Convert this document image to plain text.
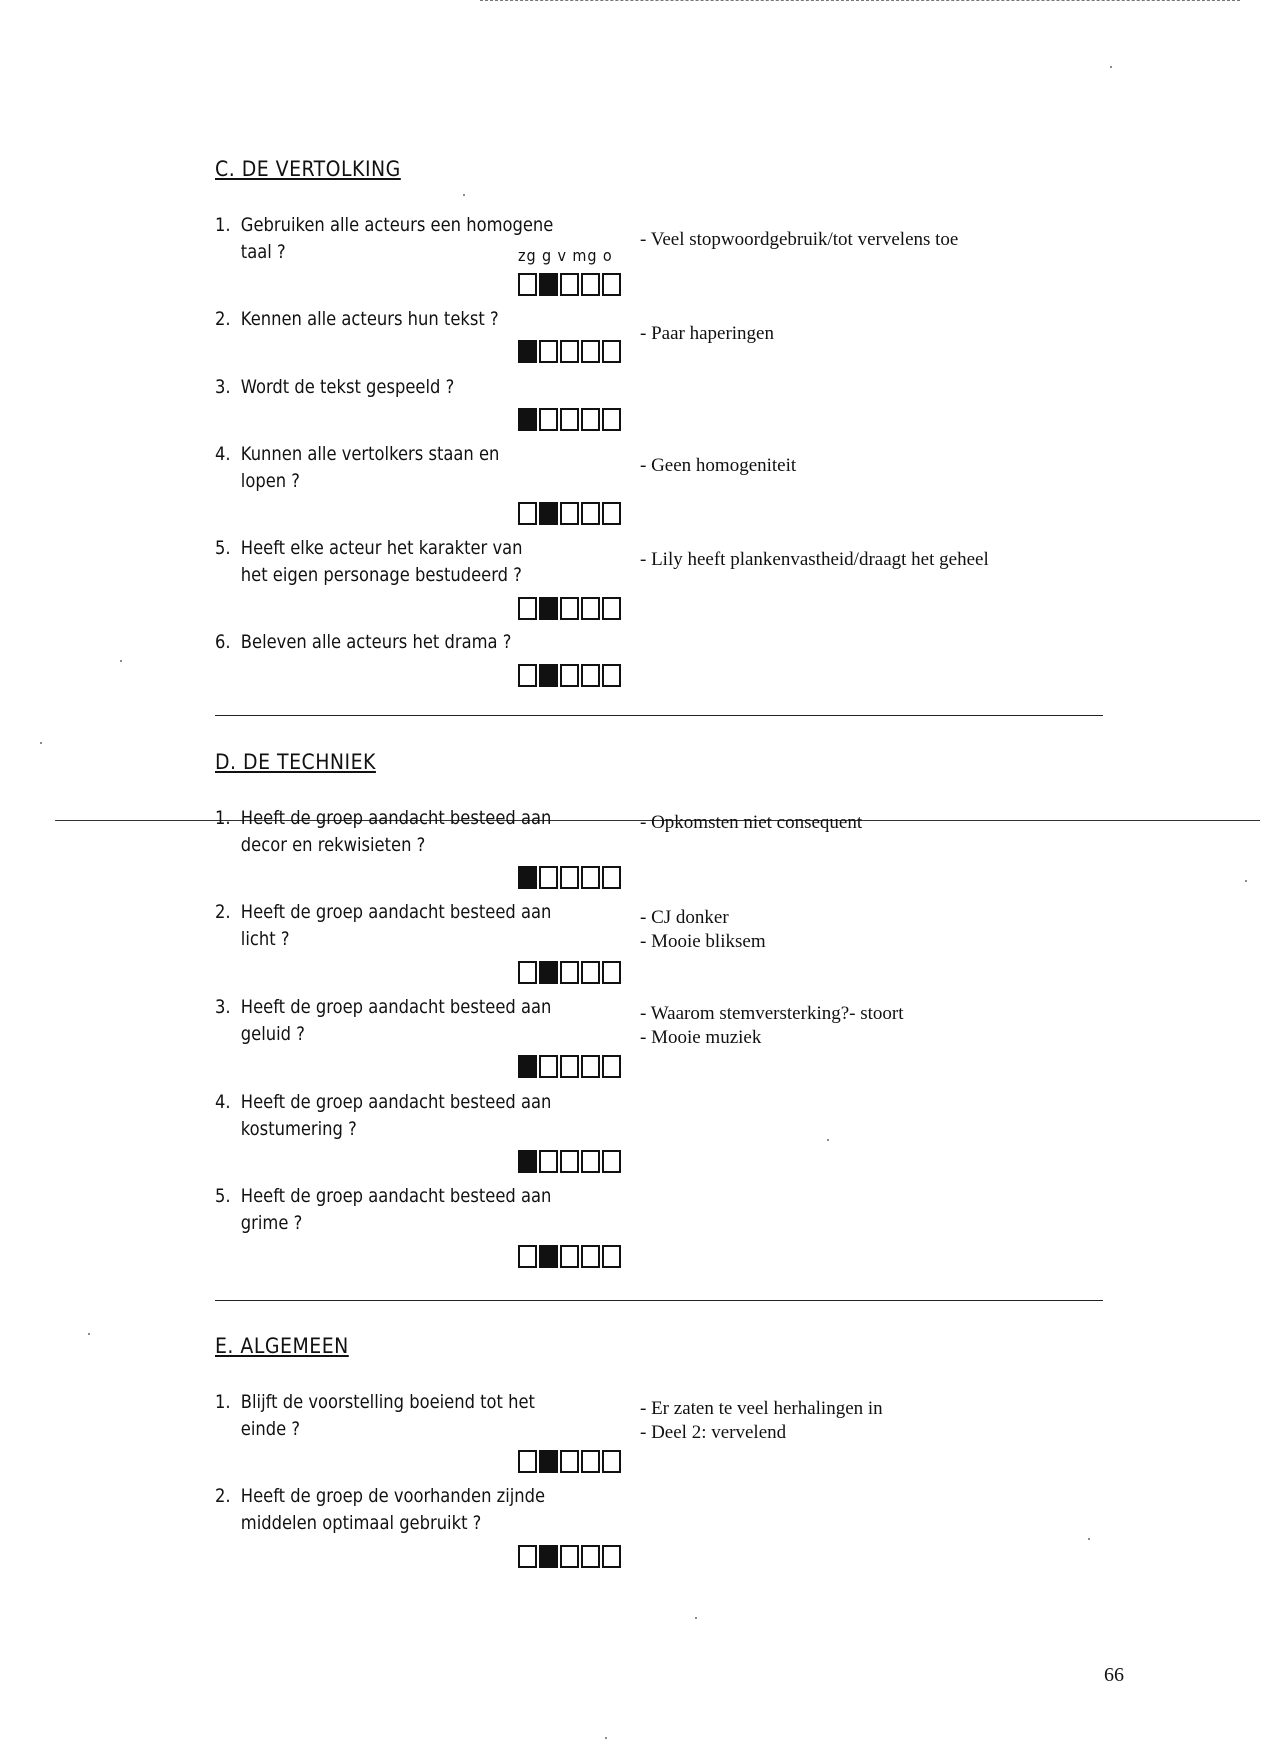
C. DE VERTOLKING
zg g v mg o
1. Gebruiken alle acteurs een homogene
taal ?
- Veel stopwoordgebruik/tot vervelens toe
2. Kennen alle acteurs hun tekst ?
- Paar haperingen
3. Wordt de tekst gespeeld ?
4. Kunnen alle vertolkers staan en
lopen ?
- Geen homogeniteit
5. Heeft elke acteur het karakter van
het eigen personage bestudeerd ?
- Lily heeft plankenvastheid/draagt het geheel
6. Beleven alle acteurs het drama ?
D. DE TECHNIEK
1. Heeft de groep aandacht besteed aan
decor en rekwisieten ?
- Opkomsten niet consequent
2. Heeft de groep aandacht besteed aan
licht ?
- CJ donker
- Mooie bliksem
3. Heeft de groep aandacht besteed aan
geluid ?
- Waarom stemversterking?- stoort
- Mooie muziek
4. Heeft de groep aandacht besteed aan
kostumering ?
5. Heeft de groep aandacht besteed aan
grime ?
E. ALGEMEEN
1. Blijft de voorstelling boeiend tot het
einde ?
- Er zaten te veel herhalingen in
- Deel 2: vervelend
2. Heeft de groep de voorhanden zijnde
middelen optimaal gebruikt ?
66
